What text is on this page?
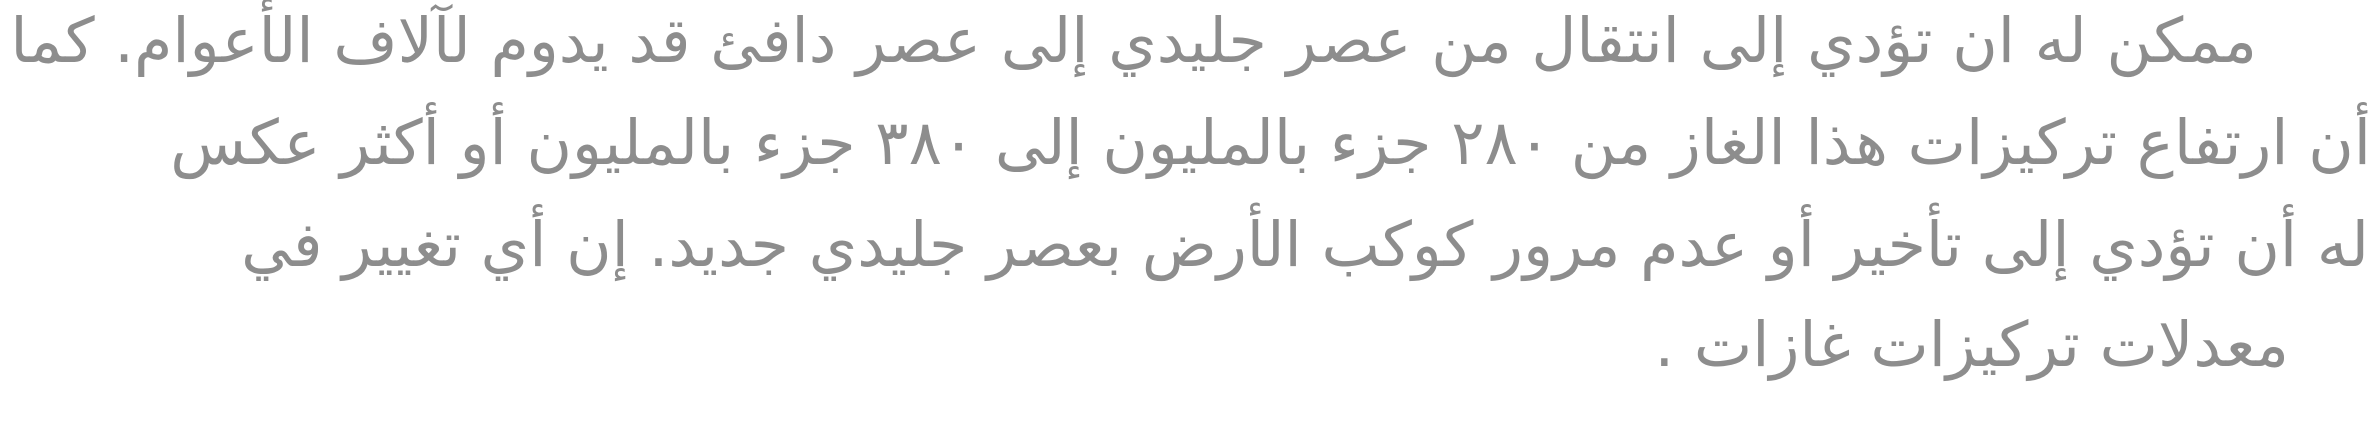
ممكن له ان تؤدي إلى انتقال من عصر جليدي إلى عصر دافئ قد يدوم لآلاف الأعوام. كما
أن ارتفاع تركيزات هذا الغاز من ٢٨٠ جزء بالمليون إلى ٣٨٠ جزء بالمليون أو أكثر عكس
له أن تؤدي إلى تأخير أو عدم مرور كوكب الأرض بعصر جليدي جديد. إن أي تغيير في
معدلات تركيزات غازات .
